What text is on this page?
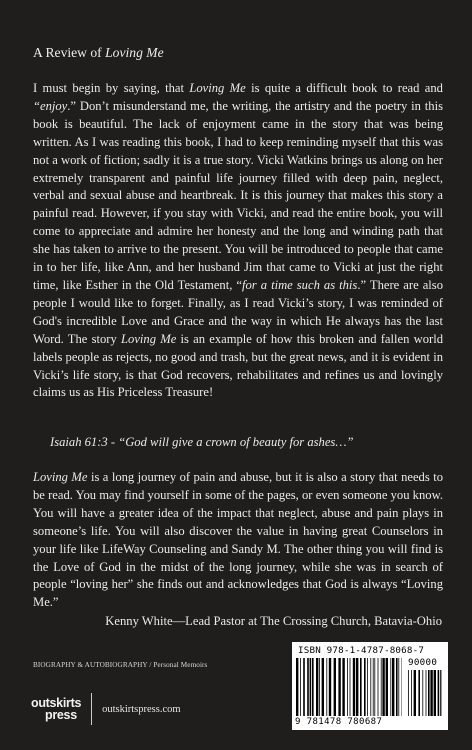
A Review of Loving Me
I must begin by saying, that Loving Me is quite a difficult book to read and “enjoy.” Don’t misunderstand me, the writing, the artistry and the poetry in this book is beautiful. The lack of enjoyment came in the story that was being written. As I was reading this book, I had to keep reminding myself that this was not a work of fiction; sadly it is a true story. Vicki Watkins brings us along on her extremely transparent and painful life journey filled with deep pain, neglect, verbal and sexual abuse and heartbreak. It is this journey that makes this story a painful read. However, if you stay with Vicki, and read the entire book, you will come to appreciate and admire her honesty and the long and winding path that she has taken to arrive to the present. You will be introduced to people that came in to her life, like Ann, and her husband Jim that came to Vicki at just the right time, like Esther in the Old Testament, “for a time such as this.” There are also people I would like to forget. Finally, as I read Vicki’s story, I was reminded of God's incredible Love and Grace and the way in which He always has the last Word. The story Loving Me is an example of how this broken and fallen world labels people as rejects, no good and trash, but the great news, and it is evident in Vicki’s life story, is that God recovers, rehabilitates and refines us and lovingly claims us as His Priceless Treasure!
Isaiah 61:3 - “God will give a crown of beauty for ashes…”
Loving Me is a long journey of pain and abuse, but it is also a story that needs to be read. You may find yourself in some of the pages, or even someone you know. You will have a greater idea of the impact that neglect, abuse and pain plays in someone’s life. You will also discover the value in having great Counselors in your life like LifeWay Counseling and Sandy M. The other thing you will find is the Love of God in the midst of the long journey, while she was in search of people “loving her” she finds out and acknowledges that God is always “Loving Me.”
Kenny White—Lead Pastor at The Crossing Church, Batavia-Ohio
BIOGRAPHY & AUTOBIOGRAPHY / Personal Memoirs
outskirts
press outskirtspress.com
ISBN 978-1-4787-8068-7
90000
9 781478 780687
